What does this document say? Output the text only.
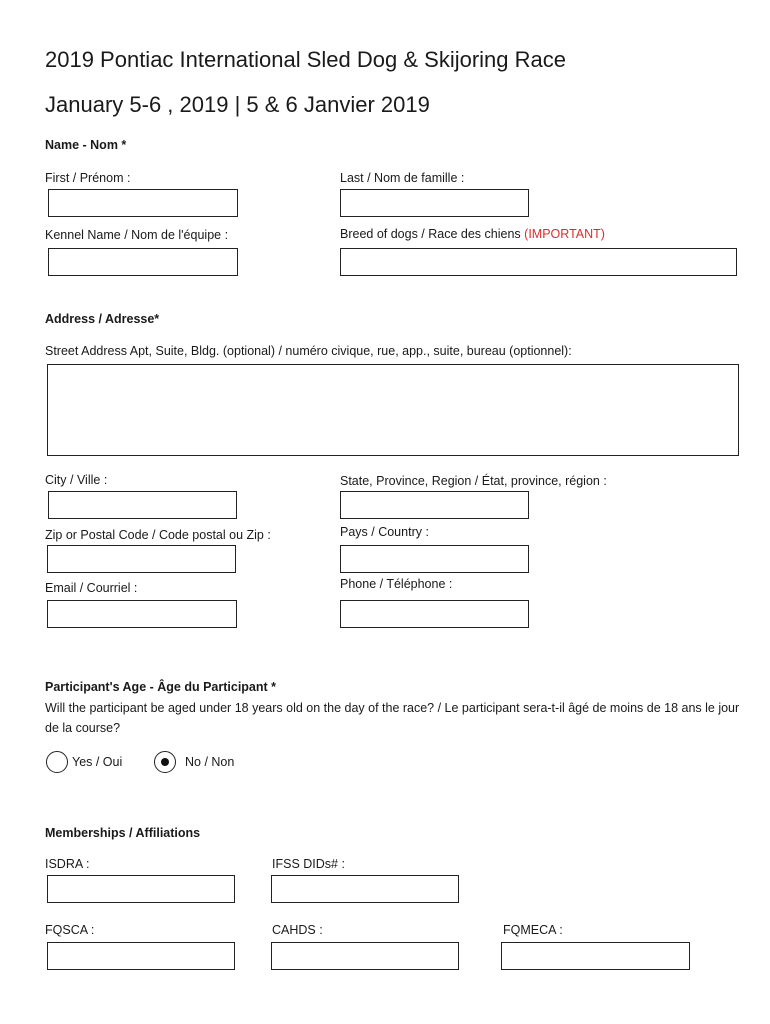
2019 Pontiac International Sled Dog & Skijoring Race
January 5-6 , 2019 | 5 & 6 Janvier 2019
Name - Nom *
First / Prénom :	Last / Nom de famille :
Kennel Name / Nom de l'équipe :	Breed of dogs / Race des chiens (IMPORTANT)
Address / Adresse*
Street Address Apt, Suite, Bldg. (optional) / numéro civique, rue, app., suite, bureau (optionnel):
City / Ville :	State, Province, Region / État, province, région :
Zip or Postal Code / Code postal ou Zip :	Pays / Country :
Email / Courriel :	Phone / Téléphone :
Participant's Age - Âge du Participant *
Will the participant be aged under 18 years old on the day of the race? / Le participant sera-t-il âgé de moins de 18 ans le jour de la course?
Yes / Oui	No / Non
Memberships / Affiliations
ISDRA :	IFSS DIDs# :
FQSCA :	CAHDS :	FQMECA :
